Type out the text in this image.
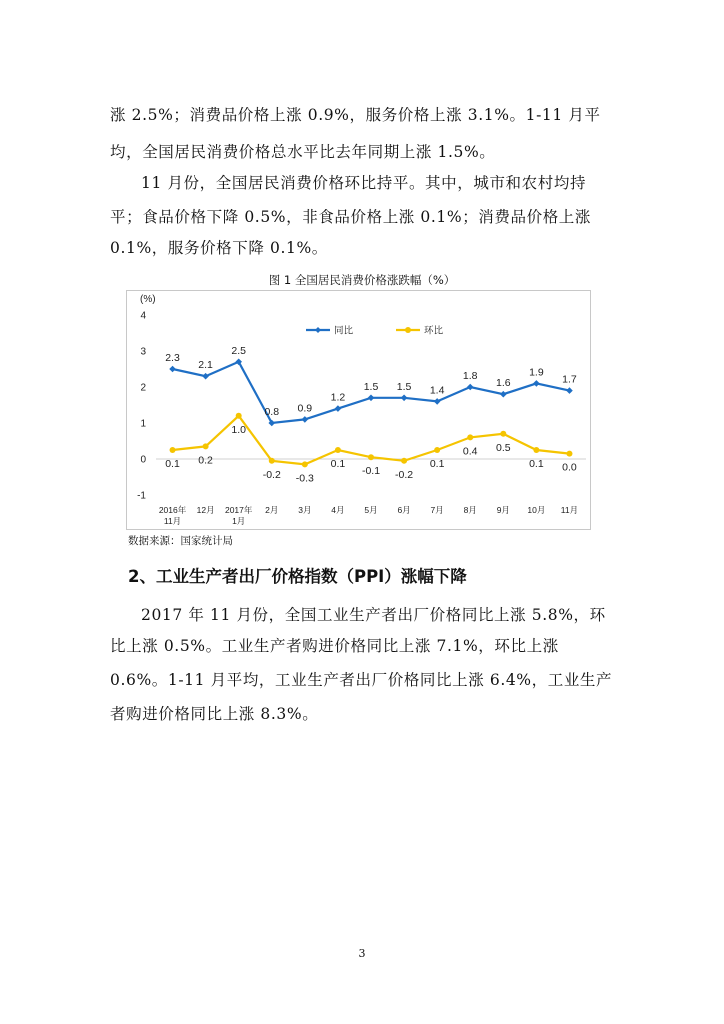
涨 2.5%；消费品价格上涨 0.9%，服务价格上涨 3.1%。1-11 月平

均，全国居民消费价格总水平比去年同期上涨 1.5%。

11 月份，全国居民消费价格环比持平。其中，城市和农村均持

平；食品价格下降 0.5%，非食品价格上涨 0.1%；消费品价格上涨

0.1%，服务价格下降 0.1%。

图 1 全国居民消费价格涨跌幅（%）
(%)
-1
0
1
2
3
4
2016年
11月
12月 2017年
1月
2月 3月 4月 5月 6月 7月 8月 9月 10月 11月
2.3
2.1
2.5
0.8 0.9
1.2
1.5 1.5 1.4
1.8
1.6
1.9
1.7
0.1 0.2
1.0
-0.2 -0.3
0.1
-0.1 -0.2
0.1
0.4 0.5
0.1 0.0
同比	环比
数据来源：国家统计局
2、工业生产者出厂价格指数（PPI）涨幅下降

2017 年 11 月份，全国工业生产者出厂价格同比上涨 5.8%，环

比上涨 0.5%。工业生产者购进价格同比上涨 7.1%，环比上涨

0.6%。1-11 月平均，工业生产者出厂价格同比上涨 6.4%，工业生产

者购进价格同比上涨 8.3%。

3
